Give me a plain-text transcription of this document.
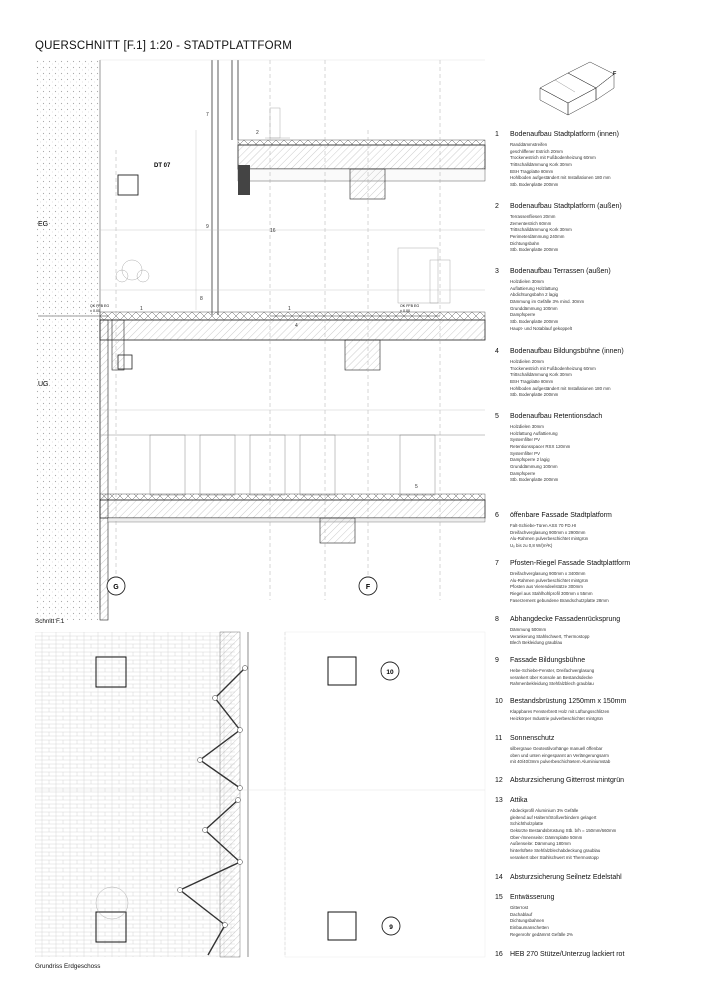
QUERSCHNITT [F.1] 1:20 - STADTPLATTFORM
G	F
DT 07
EG
UG
OK FFB EG
± 0.00
OK FFB EG
± 0.00
7
2
9
16
8
1	1
4
5
F
10
9
Schnitt F.1
Grundriss Erdgeschoss
1 Bodenaufbau Stadtplatform (innen)
Randdämmstreifen
geschliffener Estrich 20mm
Trockenestrich mit Fußbodenheizung 60mm
Trittschalldämmung Kork 30mm
BSH Tragplatte 80mm
Hohlboden aufgeständert mit Installationen 180 mm
Stb. Bodenplatte 200mm
2 Bodenaufbau Stadtplatform (außen)
Terrassenfliesen 20mm
Zementestrich 60mm
Trittschalldämmung Kork 30mm
Perimeterdämmung 240mm
Dichtungsbahn
Stb. Bodenplatte 200mm
3 Bodenaufbau Terrassen (außen)
Holzdielen 30mm
Auflattierung Holzlattung
Abdichtungsbahn 2 lagig
Dämmung im Gefälle 3% mind. 30mm
Grunddämmung 100mm
Dampfsperre
Stb. Bodenplatte 200mm
Haupt- und Notablauf gekoppelt
4 Bodenaufbau Bildungsbühne (innen)
Holzdielen 20mm
Trockenestrich mit Fußbodenheizung 60mm
Trittschalldämmung Kork 30mm
BSH Tragplatte 80mm
Hohlboden aufgeständert mit Installationen 180 mm
Stb. Bodenplatte 200mm
5 Bodenaufbau Retentionsdach
Holzdielen 30mm
Holzlattung Auflattierung
Systemfilter PV
Retentionsspacer RSX 120mm
Systemfilter PV
Dampfsperre 2 lagig
Grunddämmung 100mm
Dampfsperre
Stb. Bodenplatte 200mm
6 öffenbare Fassade Stadtplatform
Falt-Schiebe-Türen ASS 70 FD.HI
Dreifachverglasung 900mm x 2900mm
Alu-Rahmen pulverbeschichtet mintgrün
Uₒ bis zu 0,8 W/(m²K)
7 Pfosten-Riegel Fassade Stadtplattform
Dreifachverglasung 900mm x 3400mm
Alu-Rahmen pulverbeschichtet mintgrün
Pfosten aus Vierendeelstütze 300mm
Riegel aus Stahlhohlprofil 300mm x 55mm
Faserzement gebundene Brandschutzplatte 28mm
8 Abhangdecke Fassadenrücksprung
Dämmung 500mm
Verankerung Stahlschwert, Thermostopp
Blech Bekleidung graublau
9 Fassade Bildungsbühne
Hebe-Schiebe-Fenster, Dreifachverglasung
verankert über Konsole an Bestandsdecke
Rahmenbekleidung Stehfalzblech graublau
10 Bestandsbrüstung 1250mm x 150mm
Klappbares Fensterbrett Holz mit Lüftungsschlitzen
Heizkörper Industrie pulverbeschichtet mintgrün
11 Sonnenschutz
silbergraue Geotextilvorhänge manuell öffenbar
oben und unten eingespannt an Verlängerungsarm
mit 40/40/3mm pulverbeschichtetem Aluminiumstab
12 Absturzsicherung Gitterrost mintgrün
13 Attika
Abdeckprofil Aluminium 3% Gefälle
gleitend auf Haltern/Stoßverbindern gelagert
Schichtholzplatte
Gekürzte Bestandsbrüstung Stb. b/h = 150mm/660mm
Ober-/Innenseite: Dämmplatte 50mm
Außenseite: Dämmung 180mm
hinterlüftete Stehfalzblechabdeckung graublau
verankert über Stahlschwert mit Thermostopp
14 Absturzsicherung Seilnetz Edelstahl
15 Entwässerung
Gitterrost
Dachablauf
Dichtungsbahnen
Einbaumanschetten
Regenrohr gedämmt Gefälle 2%
16 HEB 270 Stütze/Unterzug lackiert rot
